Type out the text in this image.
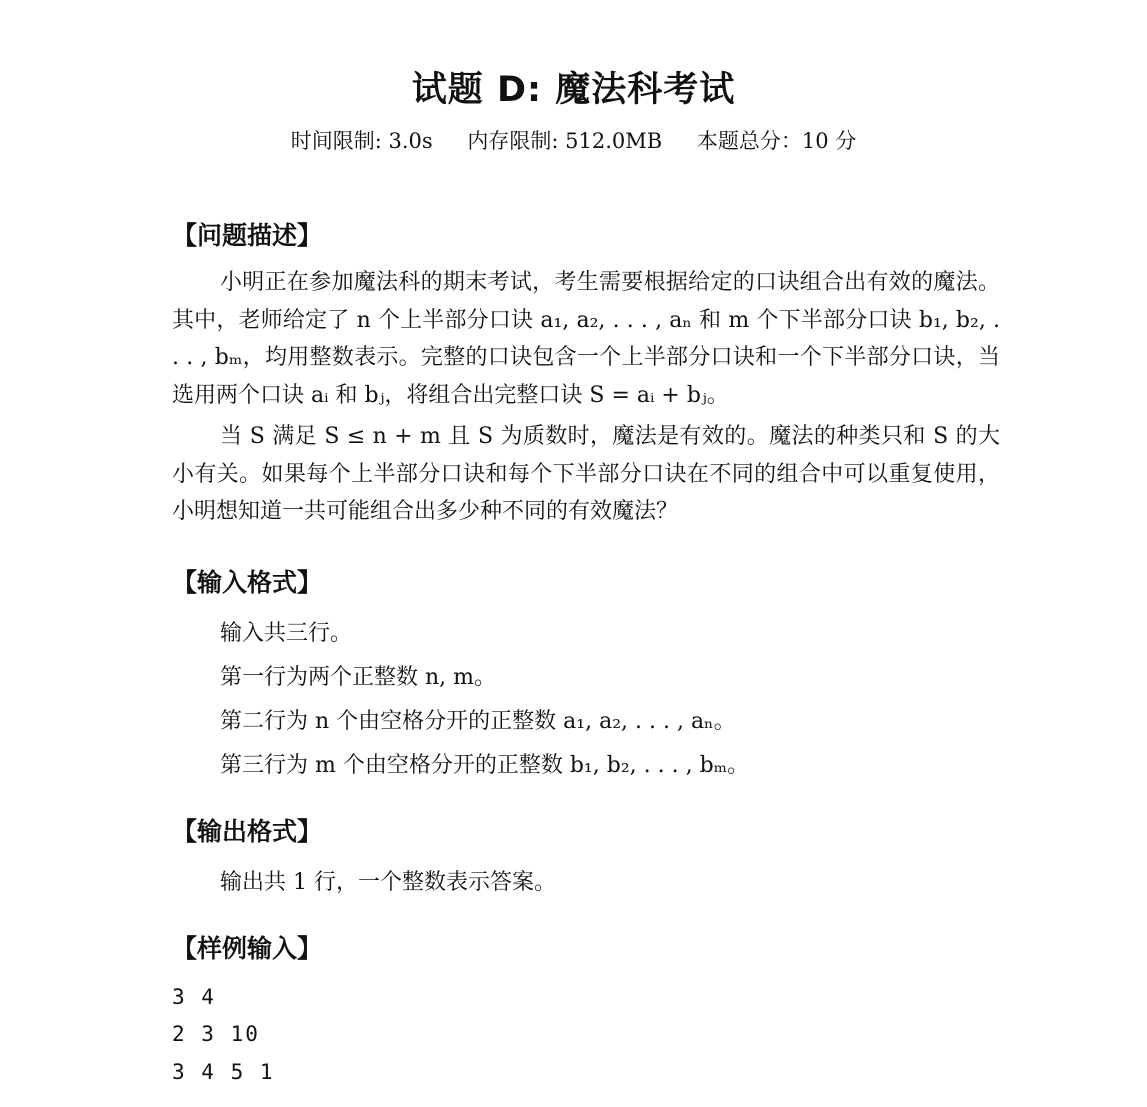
试题 D: 魔法科考试
时间限制: 3.0s 内存限制: 512.0MB 本题总分：10 分
【问题描述】

小明正在参加魔法科的期末考试，考生需要根据给定的口诀组合出有效的魔法。其中，老师给定了 n 个上半部分口诀 a₁, a₂, . . . , aₙ 和 m 个下半部分口诀 b₁, b₂, . . . , bₘ，均用整数表示。完整的口诀包含一个上半部分口诀和一个下半部分口诀，当选用两个口诀 aᵢ 和 bⱼ，将组合出完整口诀 S = aᵢ + bⱼ。

当 S 满足 S ≤ n + m 且 S 为质数时，魔法是有效的。魔法的种类只和 S 的大小有关。如果每个上半部分口诀和每个下半部分口诀在不同的组合中可以重复使用，小明想知道一共可能组合出多少种不同的有效魔法？

【输入格式】
输入共三行。
第一行为两个正整数 n, m。
第二行为 n 个由空格分开的正整数 a₁, a₂, . . . , aₙ。
第三行为 m 个由空格分开的正整数 b₁, b₂, . . . , bₘ。
【输出格式】
输出共 1 行，一个整数表示答案。
【样例输入】
3 4
2 3 10
3 4 5 1
